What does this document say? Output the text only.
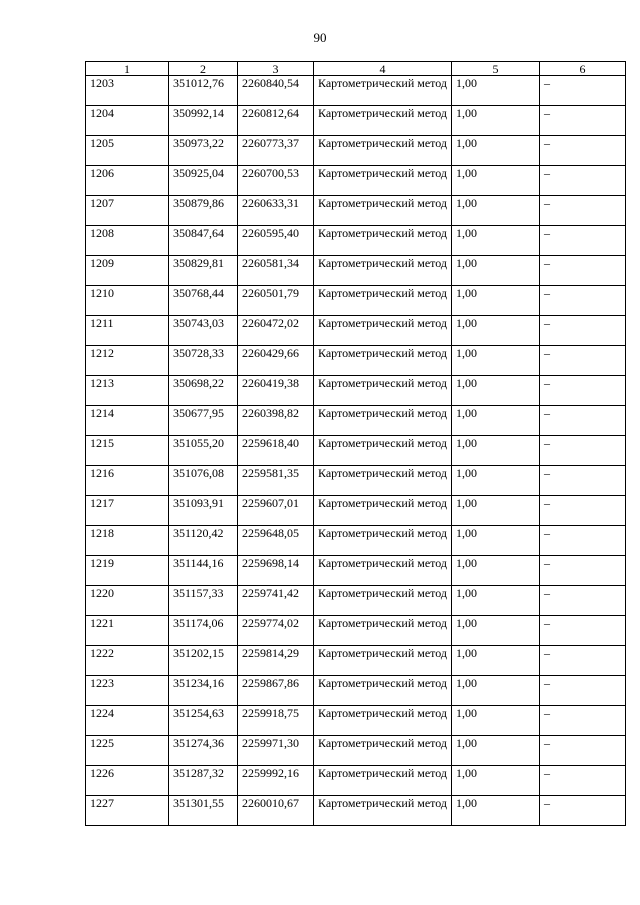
90
1	2	3	4	5	6
1203	351012,76	2260840,54	Картометрический метод	1,00	–
1204	350992,14	2260812,64	Картометрический метод	1,00	–
1205	350973,22	2260773,37	Картометрический метод	1,00	–
1206	350925,04	2260700,53	Картометрический метод	1,00	–
1207	350879,86	2260633,31	Картометрический метод	1,00	–
1208	350847,64	2260595,40	Картометрический метод	1,00	–
1209	350829,81	2260581,34	Картометрический метод	1,00	–
1210	350768,44	2260501,79	Картометрический метод	1,00	–
1211	350743,03	2260472,02	Картометрический метод	1,00	–
1212	350728,33	2260429,66	Картометрический метод	1,00	–
1213	350698,22	2260419,38	Картометрический метод	1,00	–
1214	350677,95	2260398,82	Картометрический метод	1,00	–
1215	351055,20	2259618,40	Картометрический метод	1,00	–
1216	351076,08	2259581,35	Картометрический метод	1,00	–
1217	351093,91	2259607,01	Картометрический метод	1,00	–
1218	351120,42	2259648,05	Картометрический метод	1,00	–
1219	351144,16	2259698,14	Картометрический метод	1,00	–
1220	351157,33	2259741,42	Картометрический метод	1,00	–
1221	351174,06	2259774,02	Картометрический метод	1,00	–
1222	351202,15	2259814,29	Картометрический метод	1,00	–
1223	351234,16	2259867,86	Картометрический метод	1,00	–
1224	351254,63	2259918,75	Картометрический метод	1,00	–
1225	351274,36	2259971,30	Картометрический метод	1,00	–
1226	351287,32	2259992,16	Картометрический метод	1,00	–
1227	351301,55	2260010,67	Картометрический метод	1,00	–
